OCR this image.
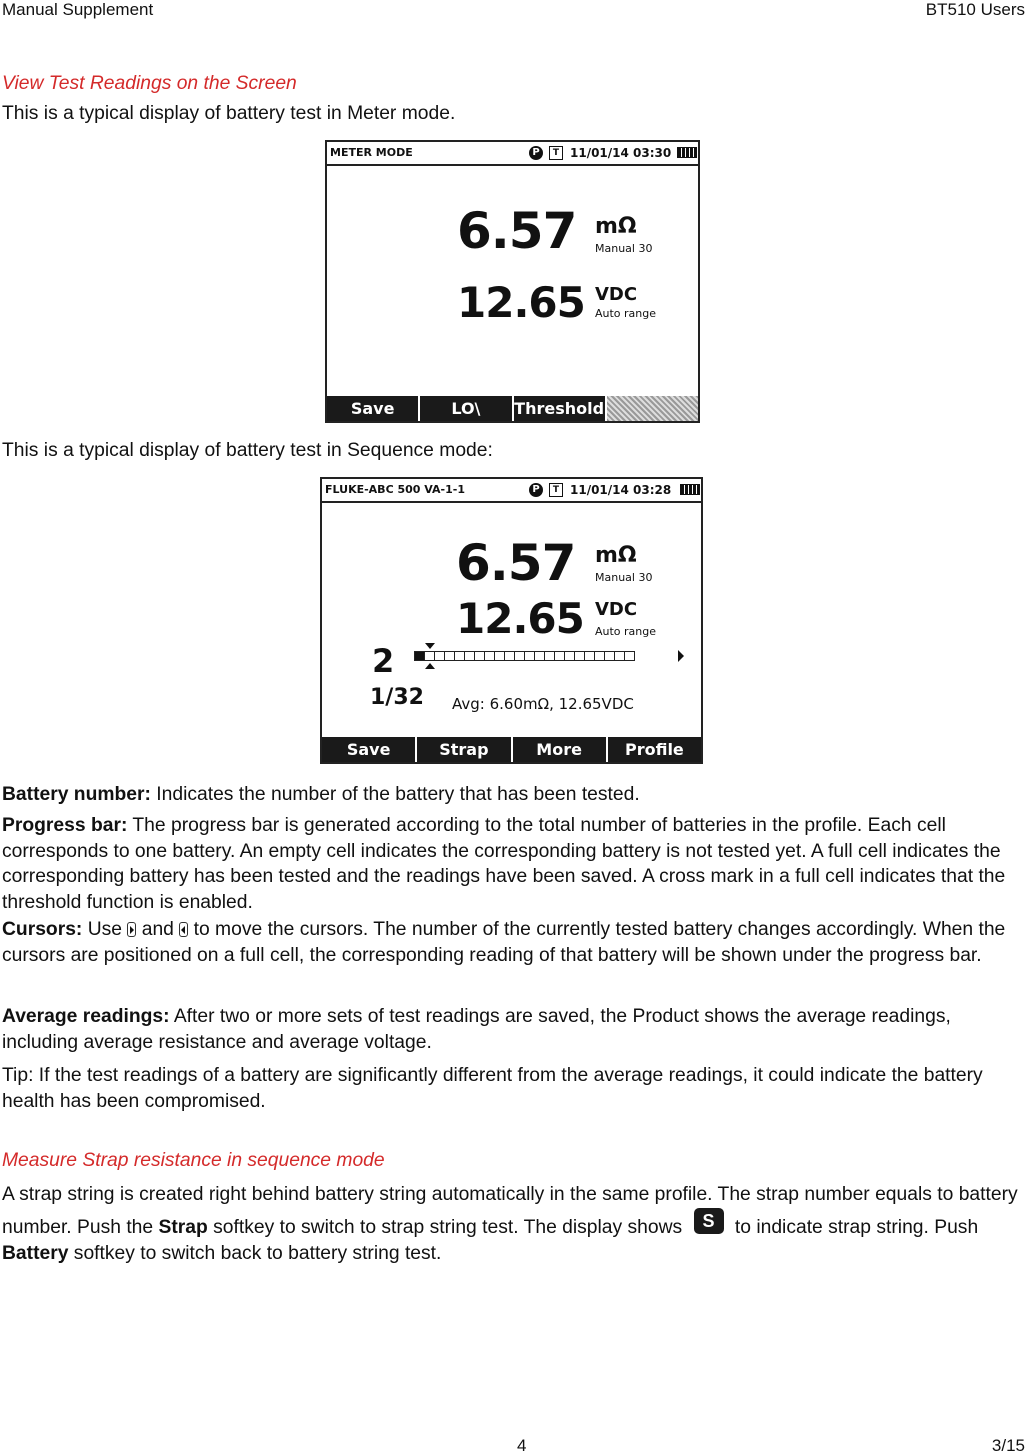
Manual Supplement	BT510 Users

View Test Readings on the Screen

This is a typical display of battery test in Meter mode.

METER MODE	P	T 11/01/14 03:30
6.57 mΩ
Manual 30
12.65 VDC
Auto range
Save	LO\	Threshold

This is a typical display of battery test in Sequence mode:

FLUKE-ABC 500 VA-1-1	P	T 11/01/14 03:28
6.57 mΩ
Manual 30
12.65 VDC
Auto range
2
1/32 Avg: 6.60mΩ, 12.65VDC
Save	Strap	More	Profile

Battery number: Indicates the number of the battery that has been tested.

Progress bar: The progress bar is generated according to the total number of batteries in the profile. Each cell corresponds to one battery. An empty cell indicates the corresponding battery is not tested yet. A full cell indicates the corresponding battery has been tested and the readings have been saved. A cross mark in a full cell indicates that the threshold function is enabled.

Cursors: Use
and
to move the cursors. The number of the currently tested battery changes accordingly. When the cursors are positioned on a full cell, the corresponding reading of that battery will be shown under the progress bar.

Average readings: After two or more sets of test readings are saved, the Product shows the average readings, including average resistance and average voltage.

Tip: If the test readings of a battery are significantly different from the average readings, it could indicate the battery health has been compromised.

Measure Strap resistance in sequence mode

A strap string is created right behind battery string automatically in the same profile. The strap number equals to battery number. Push the Strap softkey to switch to strap string test. The display shows S to indicate strap string. Push Battery softkey to switch back to battery string test.

4	3/15
